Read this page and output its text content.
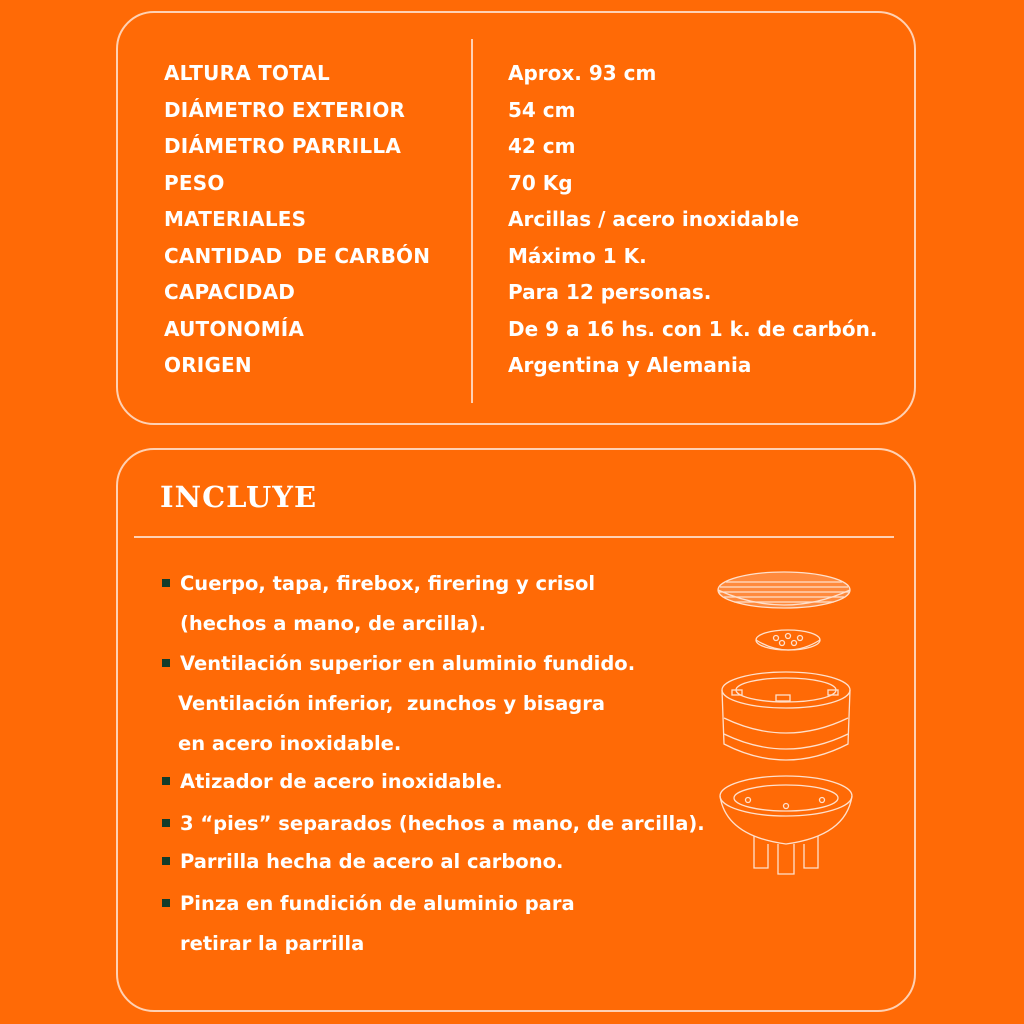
ALTURA TOTAL	Aprox. 93 cm
DIÁMETRO EXTERIOR	54 cm
DIÁMETRO PARRILLA	42 cm
PESO	70 Kg
MATERIALES	Arcillas / acero inoxidable
CANTIDAD  DE CARBÓN	Máximo 1 K.
CAPACIDAD	Para 12 personas.
AUTONOMÍA	De 9 a 16 hs. con 1 k. de carbón.
ORIGEN	Argentina y Alemania
INCLUYE
Cuerpo, tapa, firebox, firering y crisol
(hechos a mano, de arcilla).
Ventilación superior en aluminio fundido.
Ventilación inferior,  zunchos y bisagra
en acero inoxidable.
Atizador de acero inoxidable.
3 “pies” separados (hechos a mano, de arcilla).
Parrilla hecha de acero al carbono.
Pinza en fundición de aluminio para
retirar la parrilla
